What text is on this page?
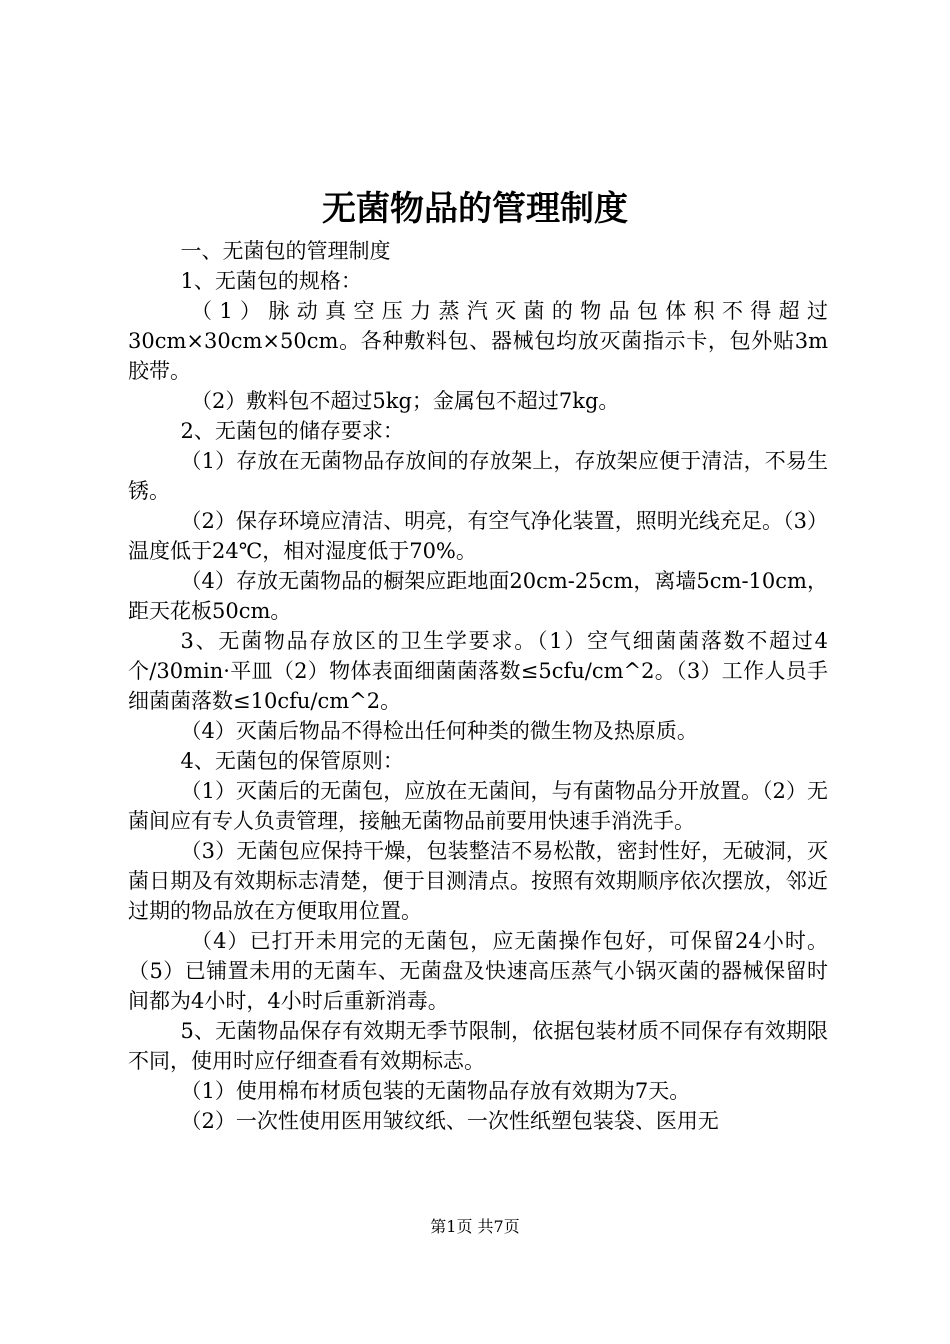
无菌物品的管理制度

一、无菌包的管理制度

1、无菌包的规格：

（1）脉动真空压力蒸汽灭菌的物品包体积不得超过30cm×30cm×50cm。各种敷料包、器械包均放灭菌指示卡，包外贴3m胶带。

（2）敷料包不超过5kg；金属包不超过7kg。

2、无菌包的储存要求：

（1）存放在无菌物品存放间的存放架上，存放架应便于清洁，不易生锈。

（2）保存环境应清洁、明亮，有空气净化装置，照明光线充足。（3）温度低于24℃，相对湿度低于70%。

（4）存放无菌物品的橱架应距地面20cm-25cm，离墙5cm-10cm，距天花板50cm。

3、无菌物品存放区的卫生学要求。（1）空气细菌菌落数不超过4个/30min·平皿（2）物体表面细菌菌落数≤5cfu/cm^2。（3）工作人员手细菌菌落数≤10cfu/cm^2。

（4）灭菌后物品不得检出任何种类的微生物及热原质。

4、无菌包的保管原则：

（1）灭菌后的无菌包，应放在无菌间，与有菌物品分开放置。（2）无菌间应有专人负责管理，接触无菌物品前要用快速手消洗手。

（3）无菌包应保持干燥，包装整洁不易松散，密封性好，无破洞，灭菌日期及有效期标志清楚，便于目测清点。按照有效期顺序依次摆放，邻近过期的物品放在方便取用位置。

（4）已打开未用完的无菌包，应无菌操作包好，可保留24小时。（5）已铺置未用的无菌车、无菌盘及快速高压蒸气小锅灭菌的器械保留时间都为4小时，4小时后重新消毒。

5、无菌物品保存有效期无季节限制，依据包装材质不同保存有效期限不同，使用时应仔细查看有效期标志。

（1）使用棉布材质包装的无菌物品存放有效期为7天。

（2）一次性使用医用皱纹纸、一次性纸塑包装袋、医用无

第1页 共7页
